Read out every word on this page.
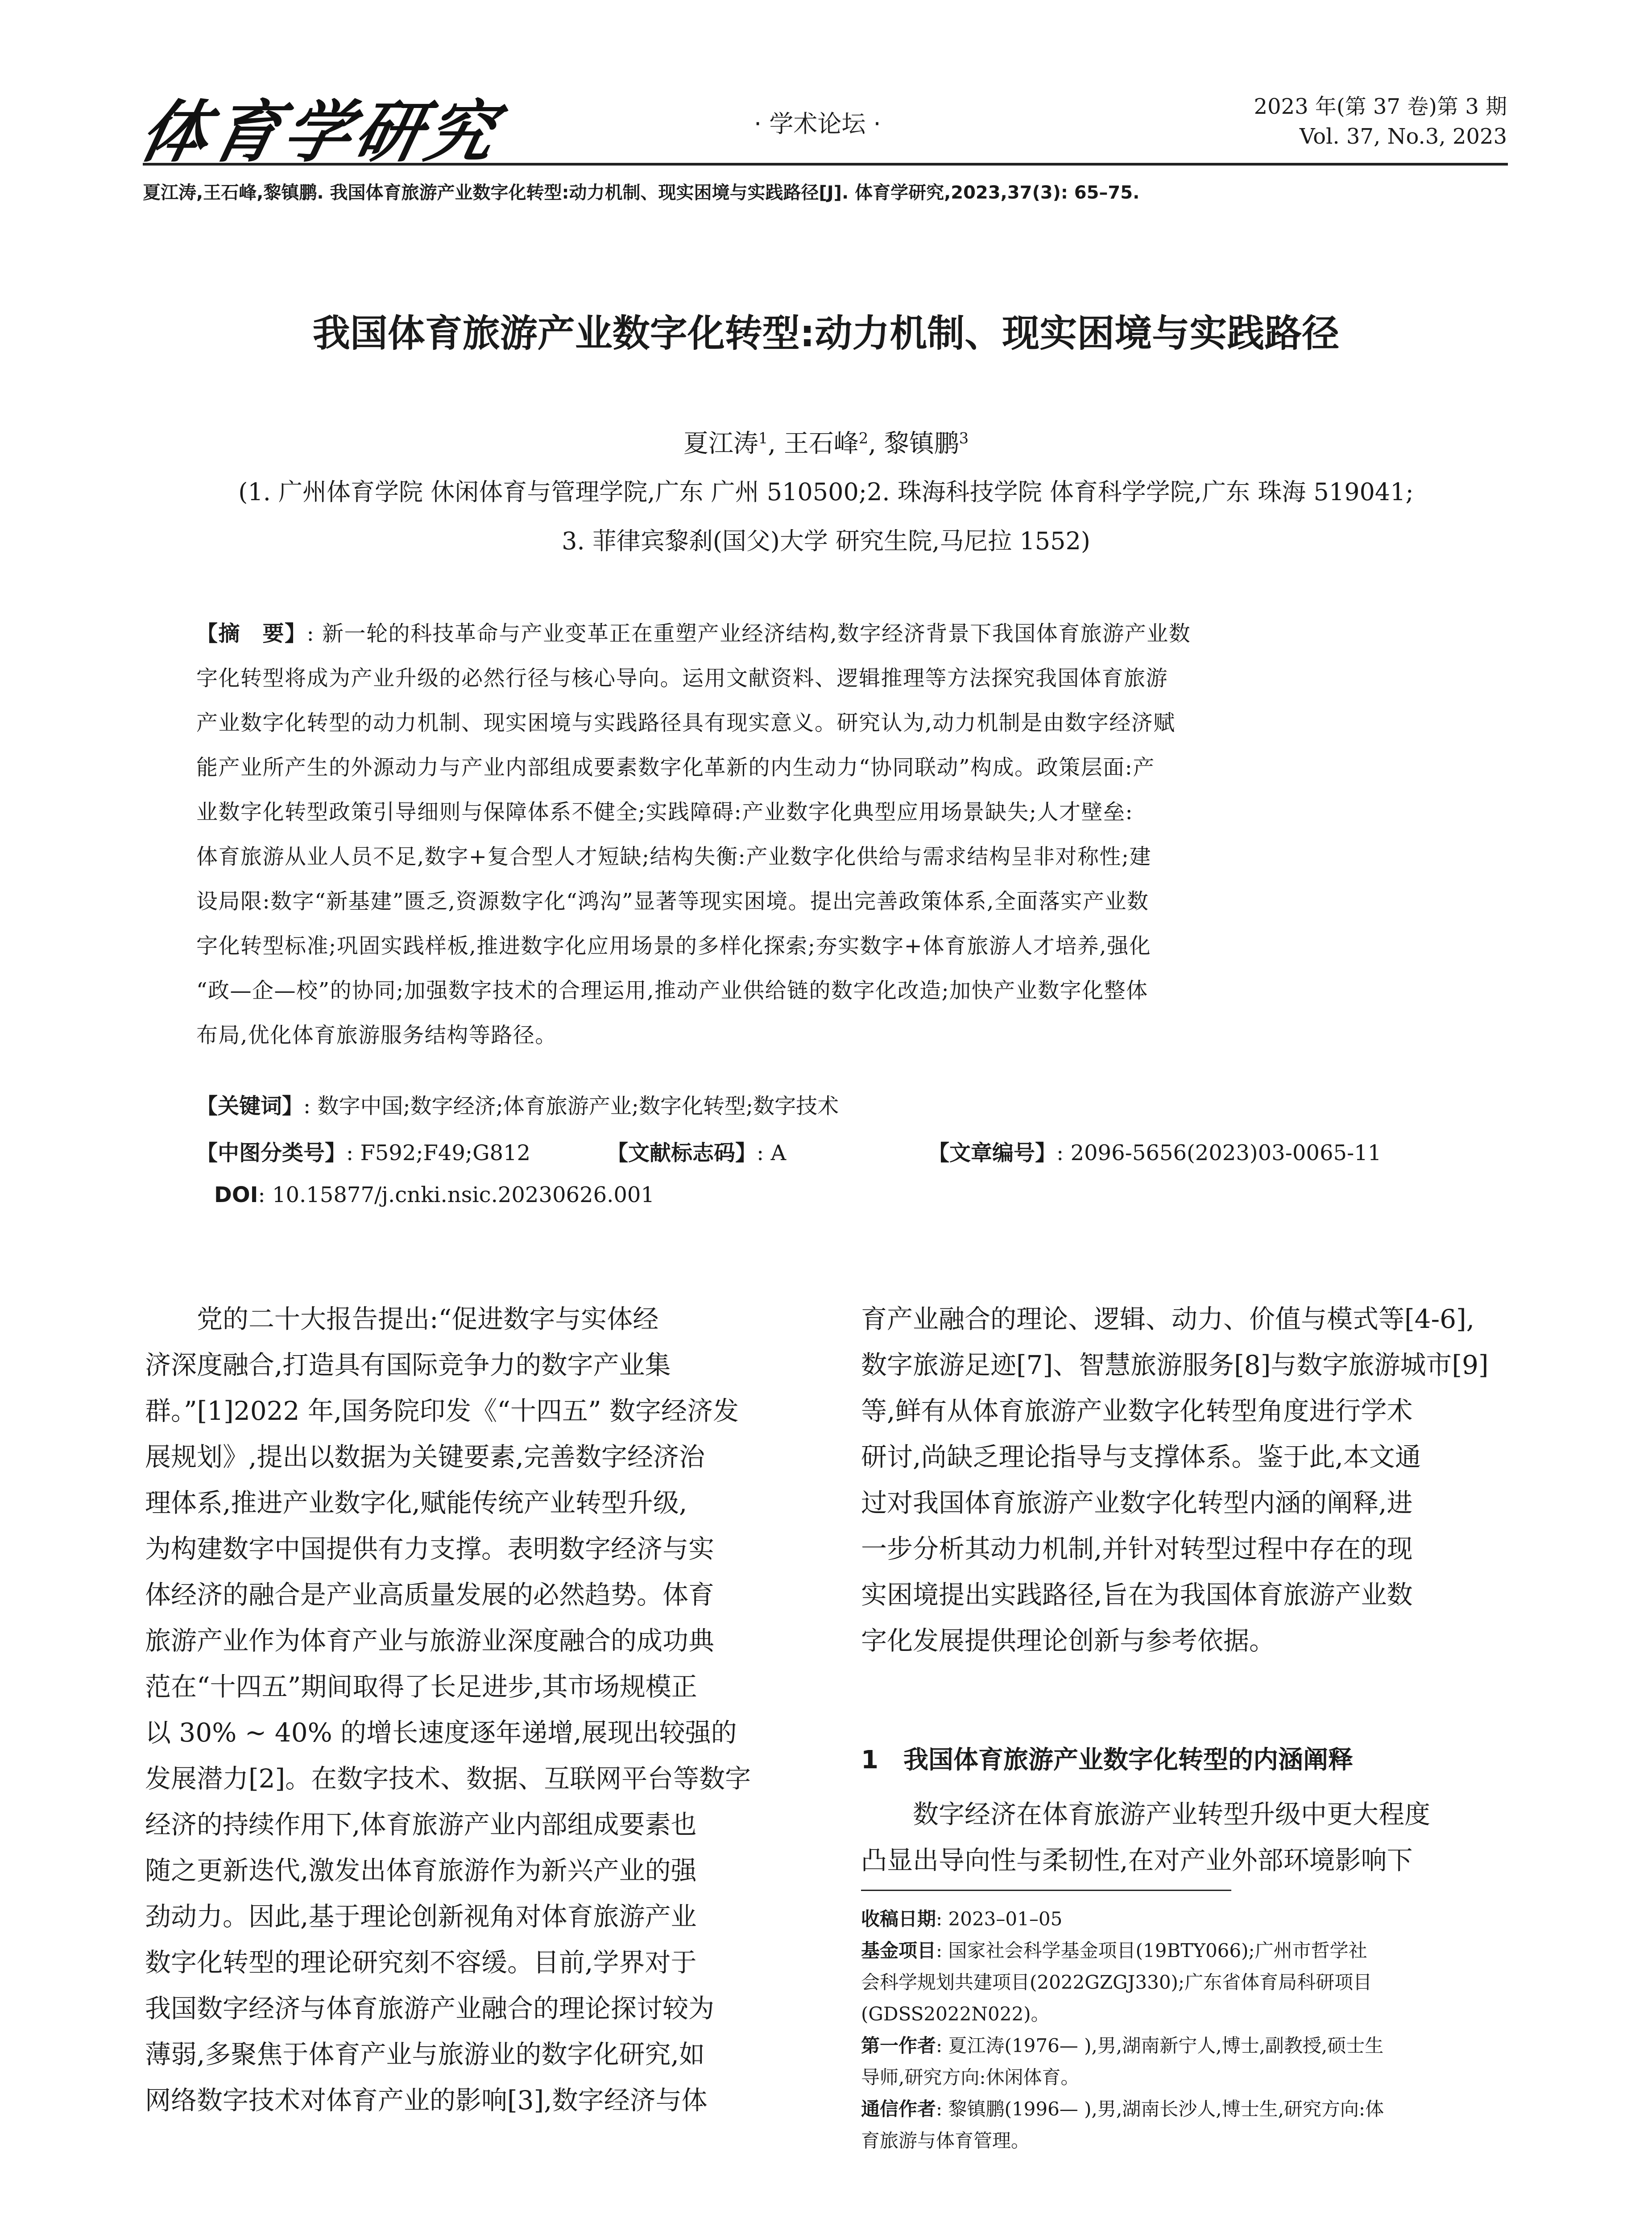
体育学研究	· 学术论坛 ·
2023 年(第 37 卷)第 3 期
Vol. 37, No.3, 2023
夏江涛,王石峰,黎镇鹏. 我国体育旅游产业数字化转型:动力机制、现实困境与实践路径[J]. 体育学研究,2023,37(3): 65–75.
我国体育旅游产业数字化转型:动力机制、现实困境与实践路径
夏江涛$^1$, 王石峰$^2$, 黎镇鹏$^3$
(1. 广州体育学院 休闲体育与管理学院,广东 广州 510500;2. 珠海科技学院 体育科学学院,广东 珠海 519041;
3. 菲律宾黎刹(国父)大学 研究生院,马尼拉 1552)
【摘　要】: 新一轮的科技革命与产业变革正在重塑产业经济结构,数字经济背景下我国体育旅游产业数
字化转型将成为产业升级的必然行径与核心导向。运用文献资料、逻辑推理等方法探究我国体育旅游
产业数字化转型的动力机制、现实困境与实践路径具有现实意义。研究认为,动力机制是由数字经济赋
能产业所产生的外源动力与产业内部组成要素数字化革新的内生动力“协同联动”构成。政策层面:产
业数字化转型政策引导细则与保障体系不健全;实践障碍:产业数字化典型应用场景缺失;人才壁垒:
体育旅游从业人员不足,数字+复合型人才短缺;结构失衡:产业数字化供给与需求结构呈非对称性;建
设局限:数字“新基建”匮乏,资源数字化“鸿沟”显著等现实困境。提出完善政策体系,全面落实产业数
字化转型标准;巩固实践样板,推进数字化应用场景的多样化探索;夯实数字+体育旅游人才培养,强化
“政—企—校”的协同;加强数字技术的合理运用,推动产业供给链的数字化改造;加快产业数字化整体
布局,优化体育旅游服务结构等路径。
【关键词】: 数字中国;数字经济;体育旅游产业;数字化转型;数字技术
【中图分类号】: F592;F49;G812	【文献标志码】: A	【文章编号】: 2096-5656(2023)03-0065-11
DOI: 10.15877/j.cnki.nsic.20230626.001
　　党的二十大报告提出:“促进数字与实体经
济深度融合,打造具有国际竞争力的数字产业集
群。”[1]2022 年,国务院印发《“十四五” 数字经济发
展规划》,提出以数据为关键要素,完善数字经济治
理体系,推进产业数字化,赋能传统产业转型升级,
为构建数字中国提供有力支撑。表明数字经济与实
体经济的融合是产业高质量发展的必然趋势。体育
旅游产业作为体育产业与旅游业深度融合的成功典
范在“十四五”期间取得了长足进步,其市场规模正
以 30% ~ 40% 的增长速度逐年递增,展现出较强的
发展潜力[2]。在数字技术、数据、互联网平台等数字
经济的持续作用下,体育旅游产业内部组成要素也
随之更新迭代,激发出体育旅游作为新兴产业的强
劲动力。因此,基于理论创新视角对体育旅游产业
数字化转型的理论研究刻不容缓。目前,学界对于
我国数字经济与体育旅游产业融合的理论探讨较为
薄弱,多聚焦于体育产业与旅游业的数字化研究,如
网络数字技术对体育产业的影响[3],数字经济与体
育产业融合的理论、逻辑、动力、价值与模式等[4-6],
数字旅游足迹[7]、智慧旅游服务[8]与数字旅游城市[9]
等,鲜有从体育旅游产业数字化转型角度进行学术
研讨,尚缺乏理论指导与支撑体系。鉴于此,本文通
过对我国体育旅游产业数字化转型内涵的阐释,进
一步分析其动力机制,并针对转型过程中存在的现
实困境提出实践路径,旨在为我国体育旅游产业数
字化发展提供理论创新与参考依据。
1　我国体育旅游产业数字化转型的内涵阐释
　　数字经济在体育旅游产业转型升级中更大程度
凸显出导向性与柔韧性,在对产业外部环境影响下
收稿日期: 2023–01–05
基金项目: 国家社会科学基金项目(19BTY066);广州市哲学社
会科学规划共建项目(2022GZGJ330);广东省体育局科研项目
(GDSS2022N022)。
第一作者: 夏江涛(1976— ),男,湖南新宁人,博士,副教授,硕士生
导师,研究方向:休闲体育。
通信作者: 黎镇鹏(1996— ),男,湖南长沙人,博士生,研究方向:体
育旅游与体育管理。
